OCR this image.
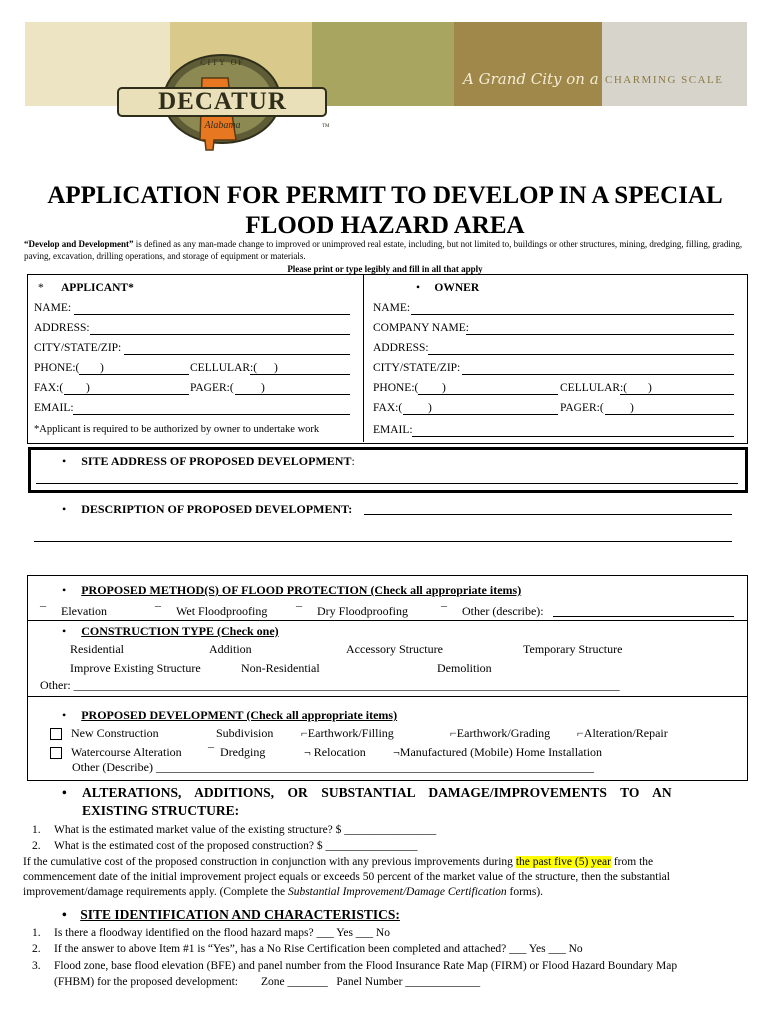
A Grand City on a CHARMING SCALE
DECATUR
CITY OF
Alabama	TM
APPLICATION FOR PERMIT TO DEVELOP IN A SPECIAL
FLOOD HAZARD AREA
“Develop and Development” is defined as any man-made change to improved or unimproved real estate, including, but not limited to, buildings or other structures, mining, dredging, filling, grading, paving, excavation, drilling operations, and storage of equipment or materials.
Please print or type legibly and fill in all that apply
*      APPLICANT*
NAME:
ADDRESS:
CITY/STATE/ZIP:
PHONE:( )	CELLULAR:( )
FAX:( )	PAGER:( )
EMAIL:
*Applicant is required to be authorized by owner to undertake work
•     OWNER
NAME:
COMPANY NAME:
ADDRESS:
CITY/STATE/ZIP:
PHONE:( )	CELLULAR:( )
FAX:( )	PAGER:( )
EMAIL:
•     SITE ADDRESS OF PROPOSED DEVELOPMENT:
•     DESCRIPTION OF PROPOSED DEVELOPMENT:
•     PROPOSED METHOD(S) OF FLOOD PROTECTION (Check all appropriate items)
¯     Elevation	¯     Wet Floodproofing ¯     Dry Floodproofing	¯     Other (describe):
•     CONSTRUCTION TYPE (Check one)
Residential	Addition	Accessory Structure	Temporary Structure
Improve Existing Structure	Non-Residential	Demolition
Other: ___________________________________________________________________________________________
•     PROPOSED DEVELOPMENT (Check all appropriate items)
New Construction	Subdivision ⌐Earthwork/Filling	⌐Earthwork/Grading ⌐Alteration/Repair
Watercourse Alteration ¯  Dredging	¬ Relocation ¬Manufactured (Mobile) Home Installation
Other (Describe) _________________________________________________________________________
• ALTERATIONS,    ADDITIONS,    OR    SUBSTANTIAL    DAMAGE/IMPROVEMENTS    TO    AN
EXISTING STRUCTURE:
1. What is the estimated market value of the existing structure? $ ________________
2. What is the estimated cost of the proposed construction? $ ________________
If the cumulative cost of the proposed construction in conjunction with any previous improvements during the past five (5) year from the
commencement date of the initial improvement project equals or exceeds 50 percent of the market value of the structure, then the substantial
improvement/damage requirements apply. (Complete the Substantial Improvement/Damage Certification forms).
•    SITE IDENTIFICATION AND CHARACTERISTICS:
1. Is there a floodway identified on the flood hazard maps? ___ Yes ___ No
2. If the answer to above Item #1 is “Yes”, has a No Rise Certification been completed and attached? ___ Yes ___ No
3. Flood zone, base flood elevation (BFE) and panel number from the Flood Insurance Rate Map (FIRM) or Flood Hazard Boundary Map
(FHBM) for the proposed development:        Zone _______   Panel Number _____________
